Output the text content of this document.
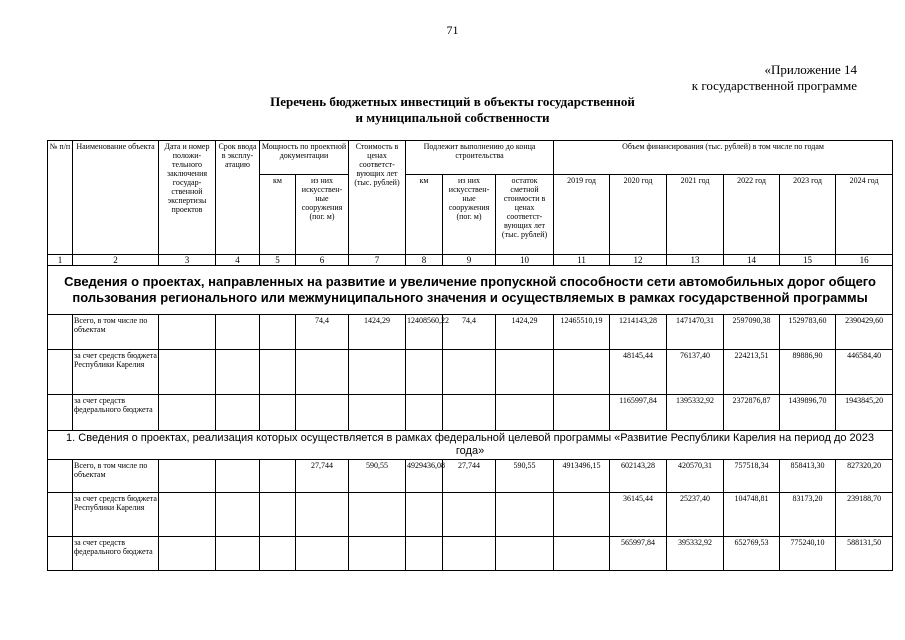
71
«Приложение 14
к государственной программе
Перечень бюджетных инвестиций в объекты государственной
и муниципальной собственности
№ п/п	Наименование объекта	Дата и номер положи-тельного заключения государ-ственной экспертизы проектов	Срок ввода в эксплу-атацию	Мощность по проектной документации		Стоимость в ценах соответст-вующих лет (тыс. рублей)	Подлежит выполнению до конца строительства			Объем финансирования (тыс. рублей) в том числе по годам						
				км	из них искусствен-ные сооружения (пог. м)		км	из них искусствен-ные сооружения (пог. м)	остаток сметной стоимости в ценах соответст-вующих лет (тыс. рублей)	2019 год	2020 год	2021 год	2022 год	2023 год	2024 год	
1	2	3	4	5	6	7	8	9	10	11	12	13	14	15	16	
Сведения о проектах, направленных на развитие и увеличение пропускной способности сети автомобильных дорог общего пользования регионального или межмуниципального значения и осуществляемых в рамках государственной программы																
	Всего, в том числе по объектам				74,4	1424,29	12408560,22	74,4	1424,29	12465510,19	1214143,28	1471470,31	2597090,38	1529783,60	2390429,60	
	за счет средств бюджета Республики Карелия										48145,44	76137,40	224213,51	89886,90	446584,40	
	за счет средств федерального бюджета										1165997,84	1395332,92	2372876,87	1439896,70	1943845,20	
1. Сведения о проектах, реализация которых осуществляется в рамках федеральной целевой программы «Развитие Республики Карелия на период до 2023 года»																
	Всего, в том числе по объектам				27,744	590,55	4929436,08	27,744	590,55	4913496,15	602143,28	420570,31	757518,34	858413,30	827320,20	
	за счет средств бюджета Республики Карелия										36145,44	25237,40	104748,81	83173,20	239188,70	
	за счет средств федерального бюджета										565997,84	395332,92	652769,53	775240,10	588131,50	
